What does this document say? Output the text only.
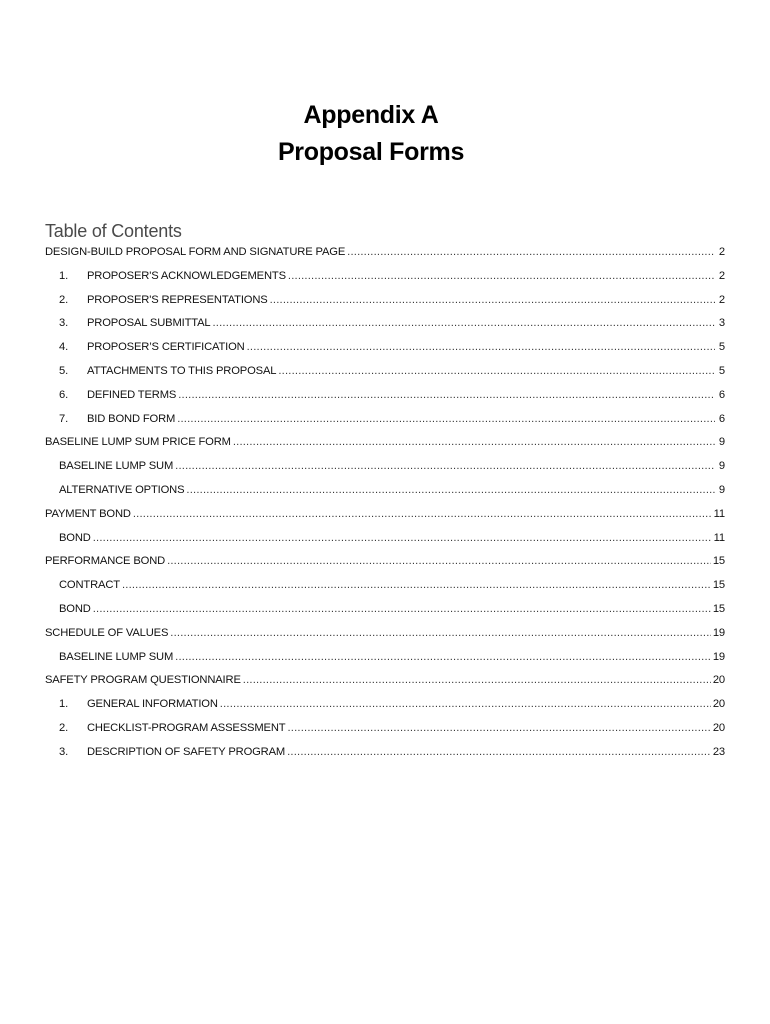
Appendix A
Proposal Forms
Table of Contents
DESIGN-BUILD PROPOSAL FORM AND SIGNATURE PAGE .....	2
1.	PROPOSER'S ACKNOWLEDGEMENTS .....	2
2.	PROPOSER'S REPRESENTATIONS .....	2
3.	PROPOSAL SUBMITTAL .....	3
4.	PROPOSER’S CERTIFICATION .....	5
5.	ATTACHMENTS TO THIS PROPOSAL .....	5
6.	DEFINED TERMS .....	6
7.	BID BOND FORM .....	6
BASELINE LUMP SUM PRICE FORM .....	9
BASELINE LUMP SUM .....	9
ALTERNATIVE OPTIONS .....	9
PAYMENT BOND .....	11
BOND .....	11
PERFORMANCE BOND .....	15
CONTRACT .....	15
BOND .....	15
SCHEDULE OF VALUES .....	19
BASELINE LUMP SUM .....	19
SAFETY PROGRAM QUESTIONNAIRE .....	20
1.	GENERAL INFORMATION .....	20
2.	CHECKLIST-PROGRAM ASSESSMENT .....	20
3.	DESCRIPTION OF SAFETY PROGRAM .....	23
